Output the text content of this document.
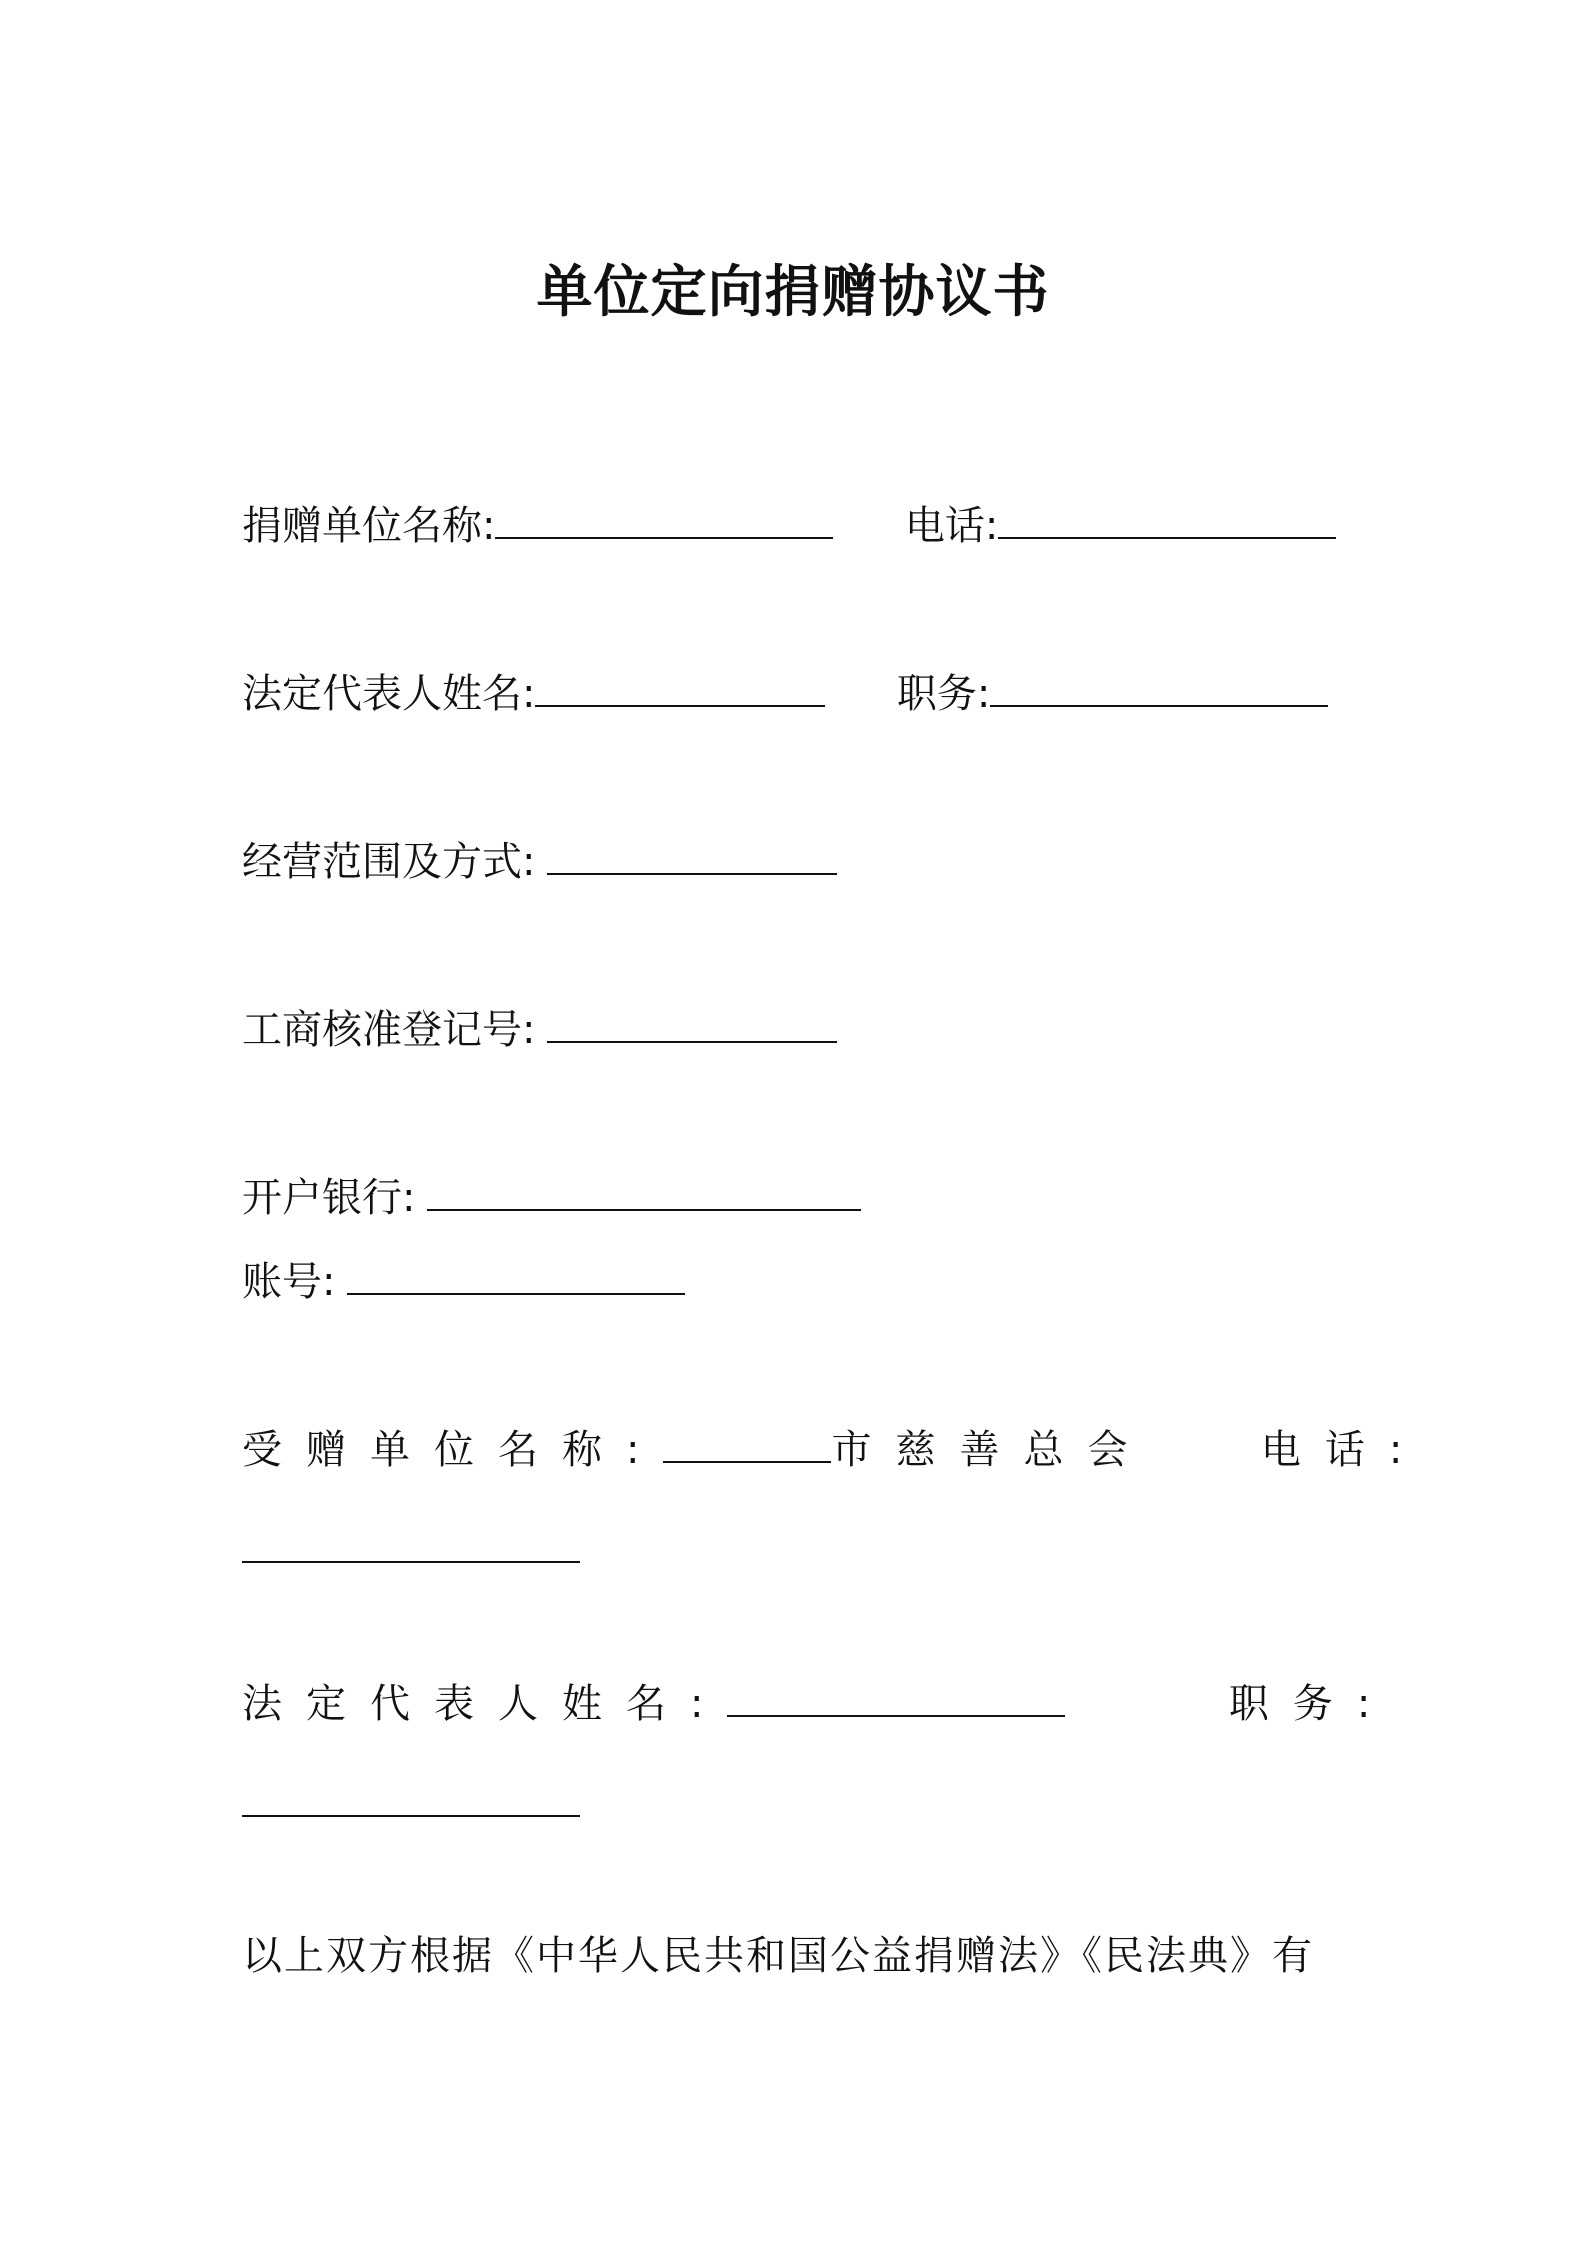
单位定向捐赠协议书
捐赠单位名称:	电话:
法定代表人姓名:	职务:
经营范围及方式:
工商核准登记号:
开户银行:
账号:
受赠单位名称:	市慈善总会	电话:
法定代表人姓名:	职务:
以上双方根据《中华人民共和国公益捐赠法》《民法典》有
